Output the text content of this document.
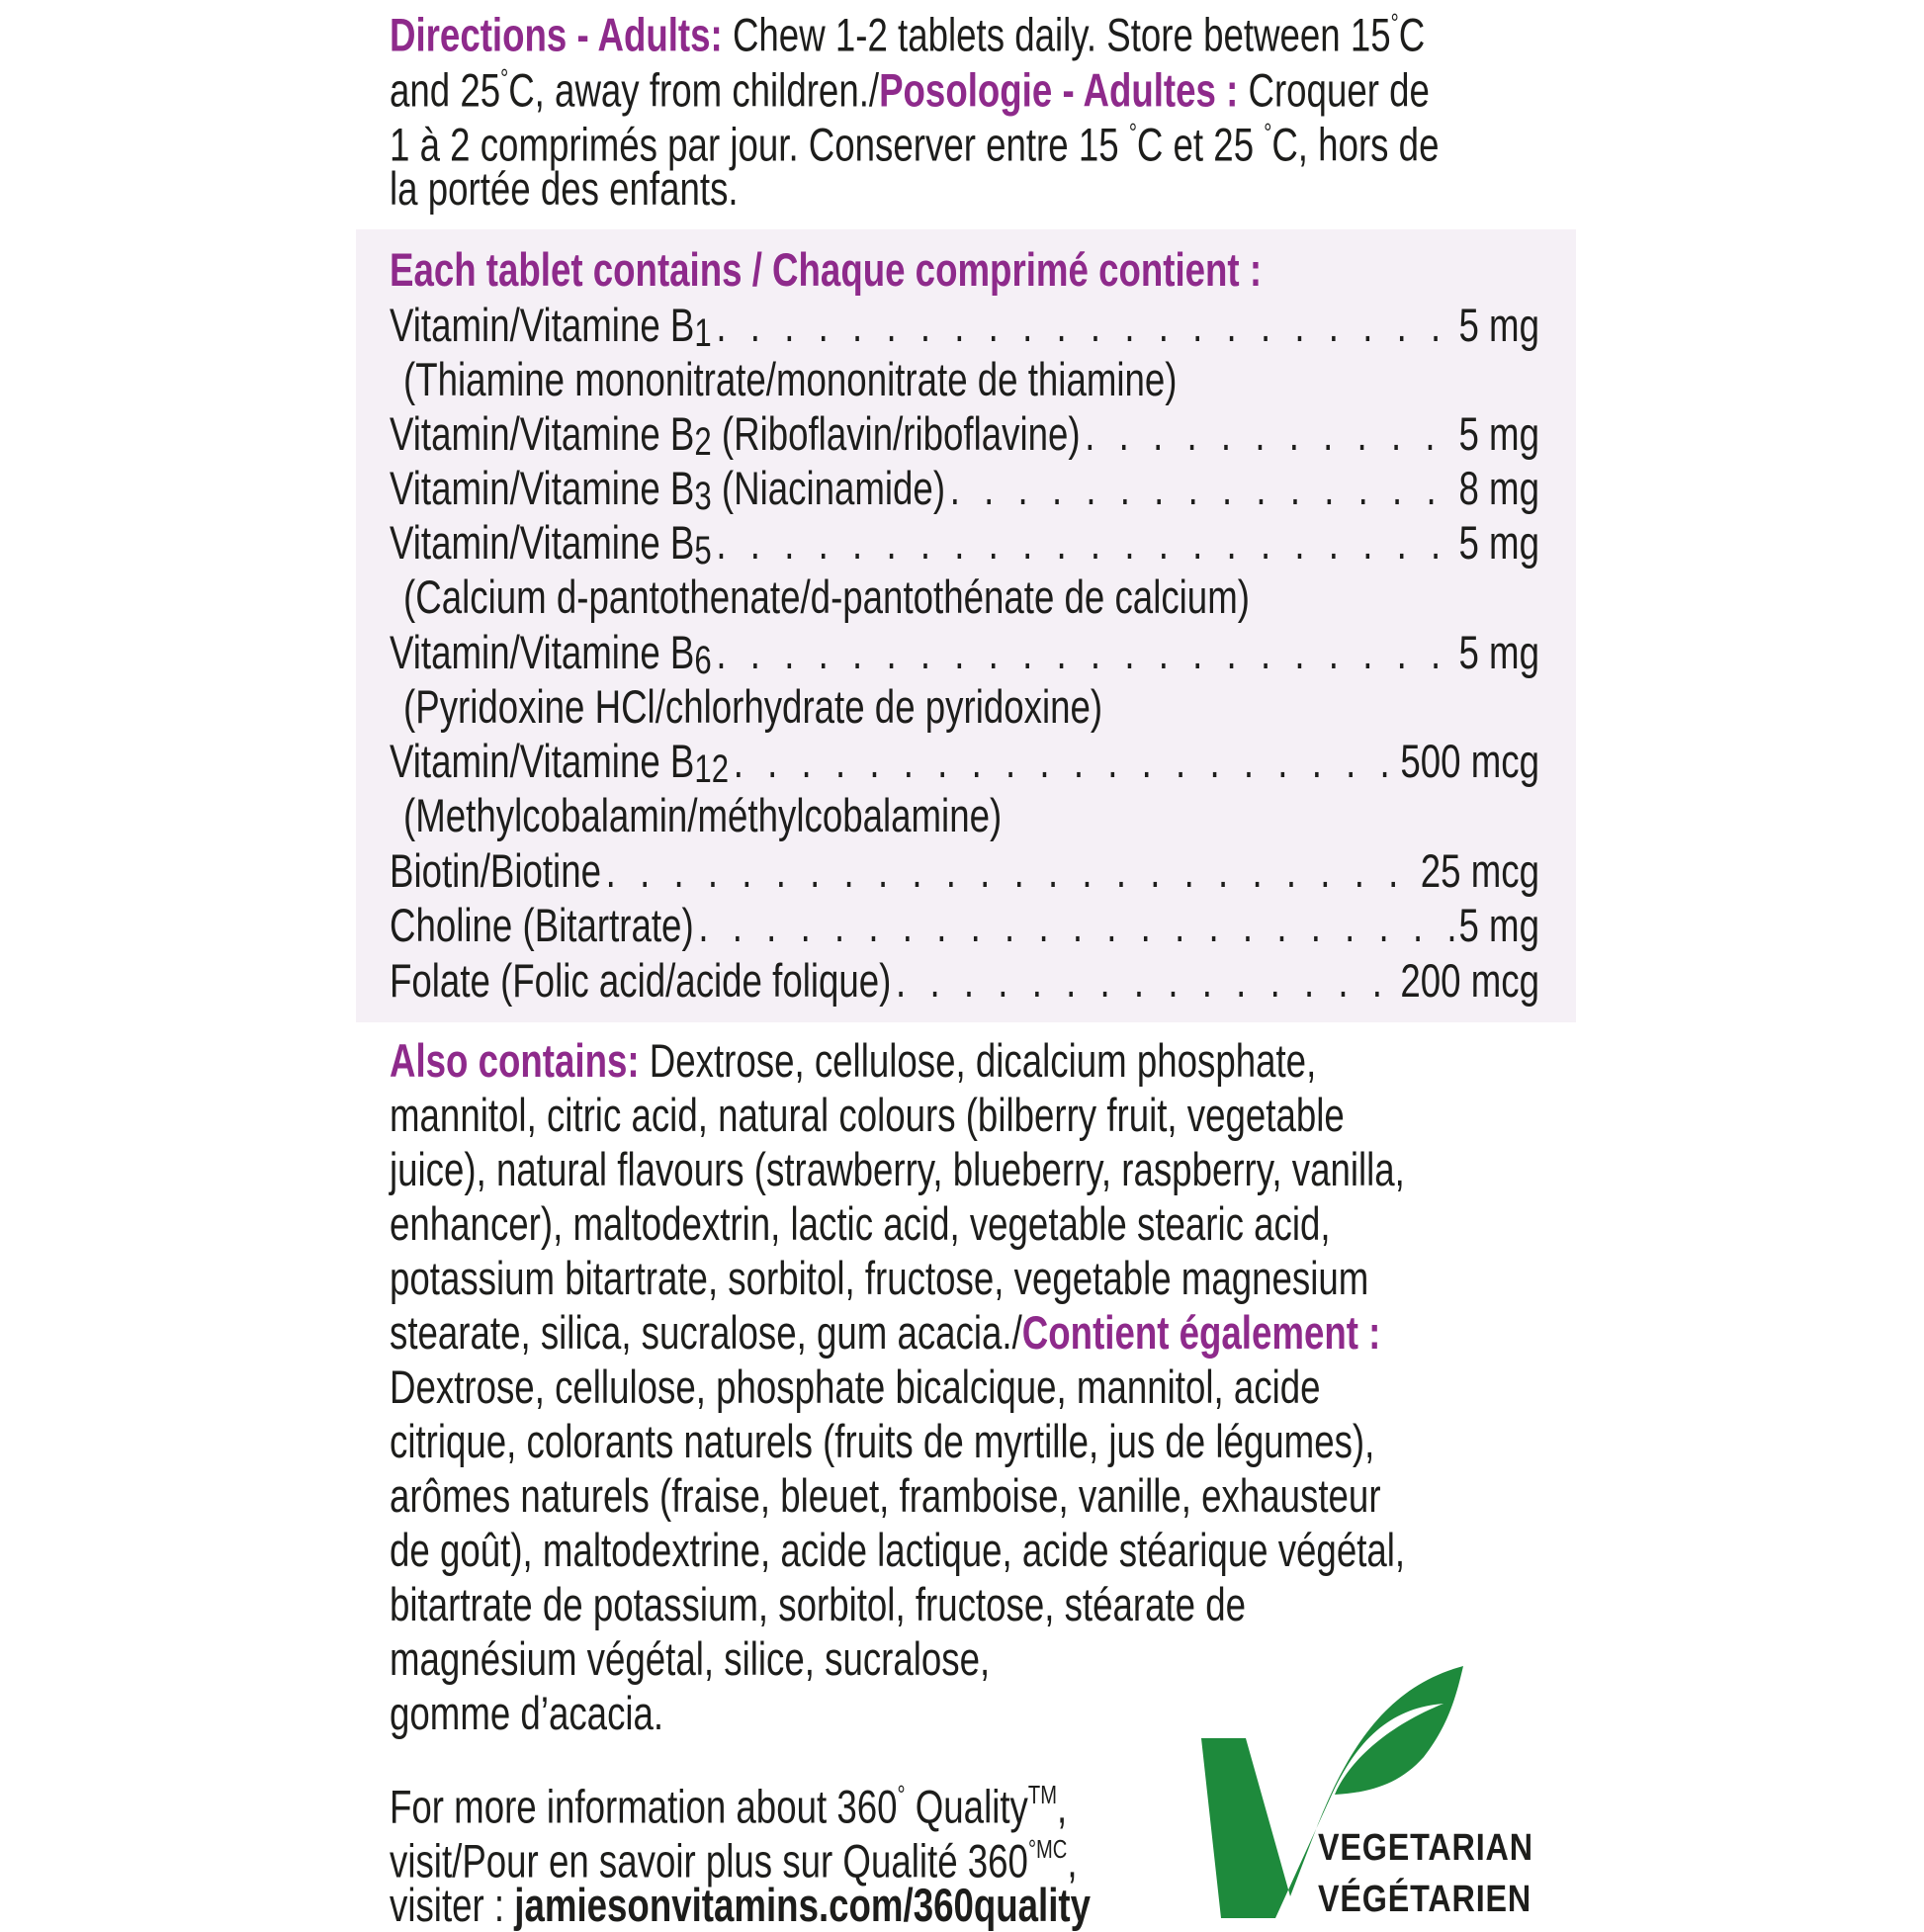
Directions - Adults: Chew 1-2 tablets daily. Store between 15°C
and 25°C, away from children./Posologie - Adultes : Croquer de
1 à 2 comprimés par jour. Conserver entre 15 °C et 25 °C, hors de
la portée des enfants.
Each tablet contains / Chaque comprimé contient :
Vitamin/Vitamine B1 . . .	5 mg
(Thiamine mononitrate/mononitrate de thiamine)
Vitamin/Vitamine B2 (Riboflavin/riboflavine) . . .	5 mg
Vitamin/Vitamine B3 (Niacinamide) . . .	8 mg
Vitamin/Vitamine B5 . . .	5 mg
(Calcium d-pantothenate/d-pantothénate de calcium)
Vitamin/Vitamine B6 . . .	5 mg
(Pyridoxine HCl/chlorhydrate de pyridoxine)
Vitamin/Vitamine B12 . . .	500 mcg
(Methylcobalamin/méthylcobalamine)
Biotin/Biotine . . .	25 mcg
Choline (Bitartrate) . . .	5 mg
Folate (Folic acid/acide folique) . . .	200 mcg
Also contains: Dextrose, cellulose, dicalcium phosphate,
mannitol, citric acid, natural colours (bilberry fruit, vegetable
juice), natural flavours (strawberry, blueberry, raspberry, vanilla,
enhancer), maltodextrin, lactic acid, vegetable stearic acid,
potassium bitartrate, sorbitol, fructose, vegetable magnesium
stearate, silica, sucralose, gum acacia./Contient également :
Dextrose, cellulose, phosphate bicalcique, mannitol, acide
citrique, colorants naturels (fruits de myrtille, jus de légumes),
arômes naturels (fraise, bleuet, framboise, vanille, exhausteur
de goût), maltodextrine, acide lactique, acide stéarique végétal,
bitartrate de potassium, sorbitol, fructose, stéarate de
magnésium végétal, silice, sucralose,
gomme d’acacia.
For more information about 360° Quality™,
visit/Pour en savoir plus sur Qualité $360^{^\circ MC}$,
visiter : jamiesonvitamins.com/360quality
VEGETARIAN
VÉGÉTARIEN
